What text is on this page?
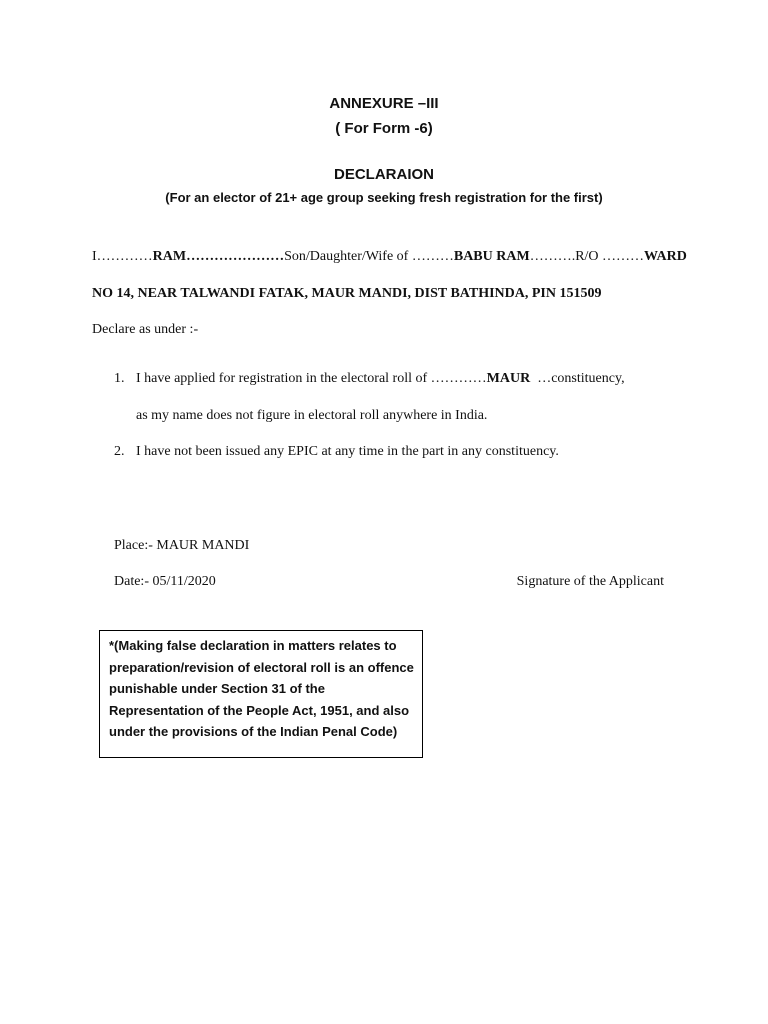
ANNEXURE –III
( For Form -6)
DECLARAION
(For an elector of 21+ age group seeking fresh registration for the first)
I…………RAM…………………Son/Daughter/Wife of ………BABU RAM………. R/O ………WARD
NO 14, NEAR TALWANDI FATAK, MAUR MANDI, DIST BATHINDA, PIN 151509
Declare as under :-
1. I have applied for registration in the electoral roll of …………MAUR …constituency,
as my name does not figure in electoral roll anywhere in India.
2. I have not been issued any EPIC at any time in the part in any constituency.
Place:- MAUR MANDI
Date:- 05/11/2020	Signature of the Applicant
*(Making false declaration in matters relates to preparation/revision of electoral roll is an offence punishable under Section 31 of the Representation of the People Act, 1951, and also under the provisions of the Indian Penal Code)
